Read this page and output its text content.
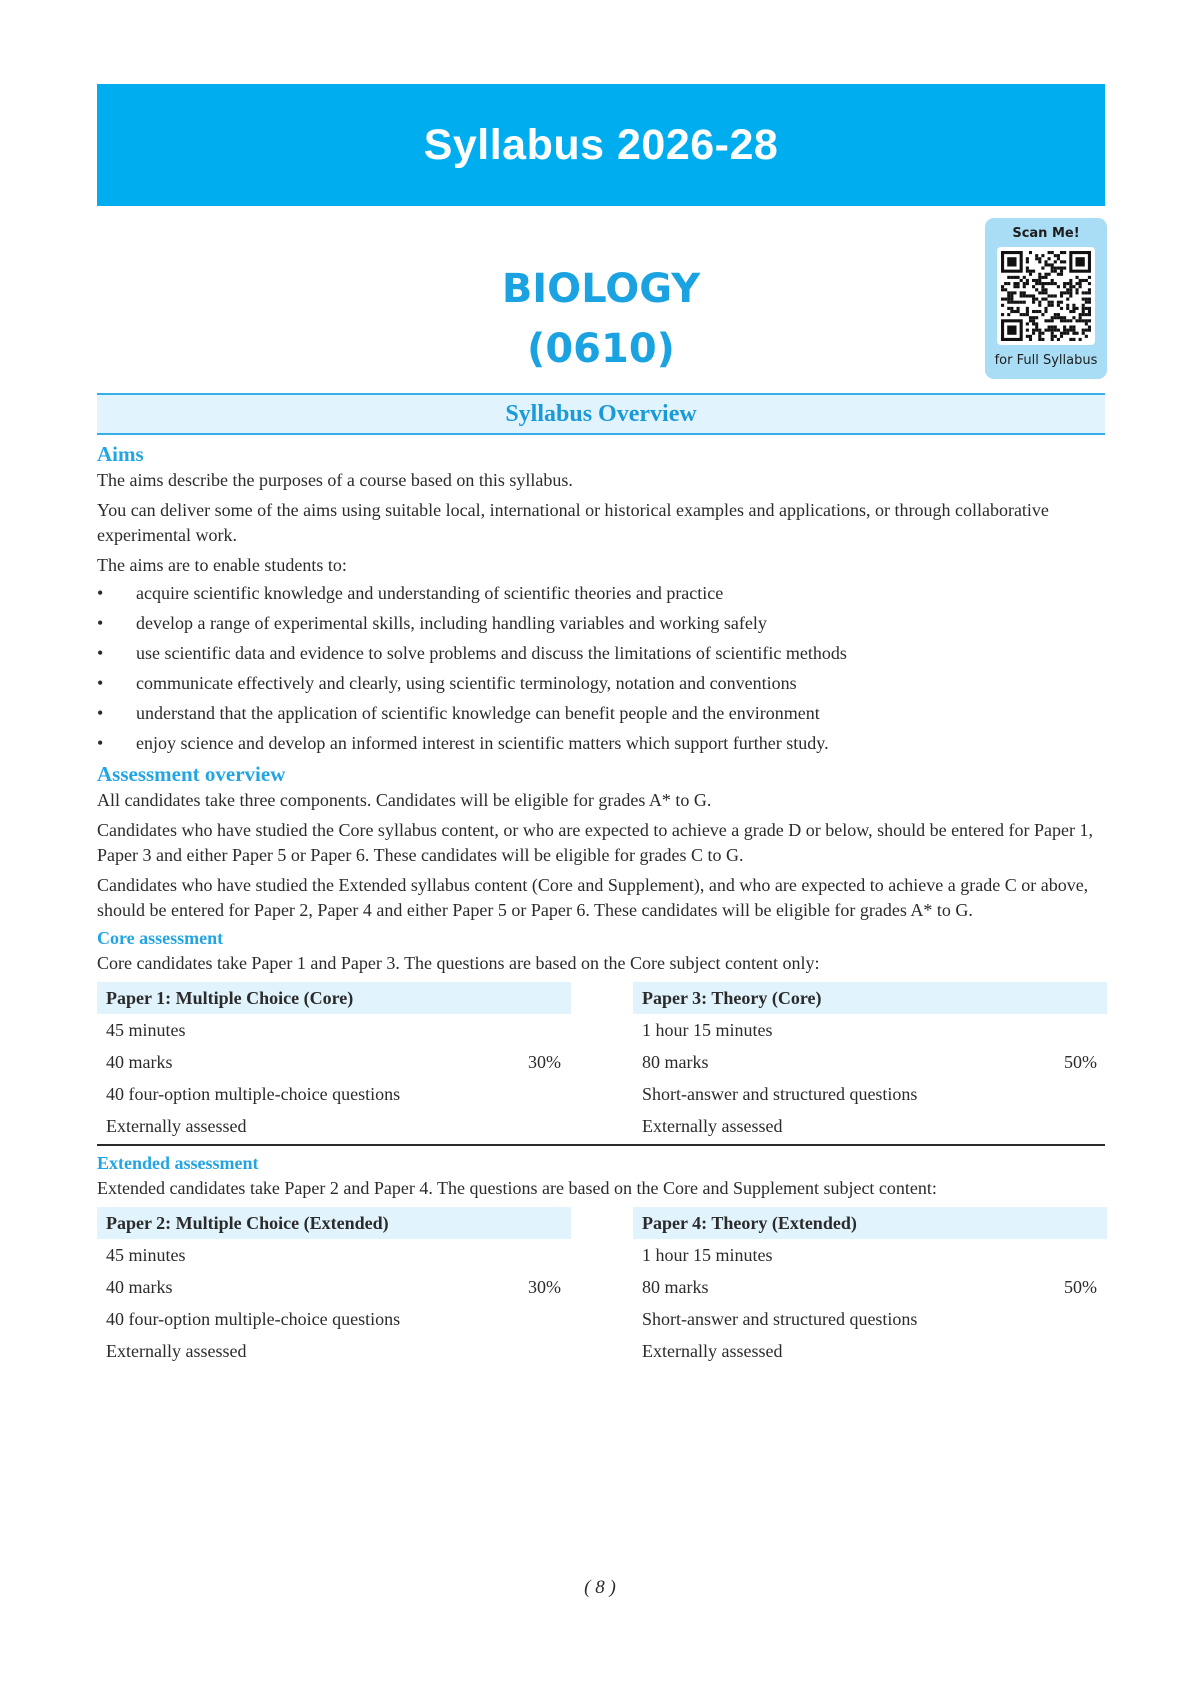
Syllabus 2026-28
BIOLOGY
(0610)
Scan Me!
for Full Syllabus
Syllabus Overview
Aims

The aims describe the purposes of a course based on this syllabus.

You can deliver some of the aims using suitable local, international or historical examples and applications, or through collaborative experimental work.

The aims are to enable students to:

• acquire scientific knowledge and understanding of scientific theories and practice
• develop a range of experimental skills, including handling variables and working safely
• use scientific data and evidence to solve problems and discuss the limitations of scientific methods
• communicate effectively and clearly, using scientific terminology, notation and conventions
• understand that the application of scientific knowledge can benefit people and the environment
• enjoy science and develop an informed interest in scientific matters which support further study.
Assessment overview

All candidates take three components. Candidates will be eligible for grades A* to G.

Candidates who have studied the Core syllabus content, or who are expected to achieve a grade D or below, should be entered for Paper 1, Paper 3 and either Paper 5 or Paper 6. These candidates will be eligible for grades C to G.

Candidates who have studied the Extended syllabus content (Core and Supplement), and who are expected to achieve a grade C or above, should be entered for Paper 2, Paper 4 and either Paper 5 or Paper 6. These candidates will be eligible for grades A* to G.

Core assessment

Core candidates take Paper 1 and Paper 3. The questions are based on the Core subject content only:

Paper 1: Multiple Choice (Core)
45 minutes
40 marks	30%
40 four-option multiple-choice questions
Externally assessed
Paper 3: Theory (Core)
1 hour 15 minutes
80 marks	50%
Short-answer and structured questions
Externally assessed
Extended assessment

Extended candidates take Paper 2 and Paper 4. The questions are based on the Core and Supplement subject content:

Paper 2: Multiple Choice (Extended)
45 minutes
40 marks	30%
40 four-option multiple-choice questions
Externally assessed
Paper 4: Theory (Extended)
1 hour 15 minutes
80 marks	50%
Short-answer and structured questions
Externally assessed
( 8 )
